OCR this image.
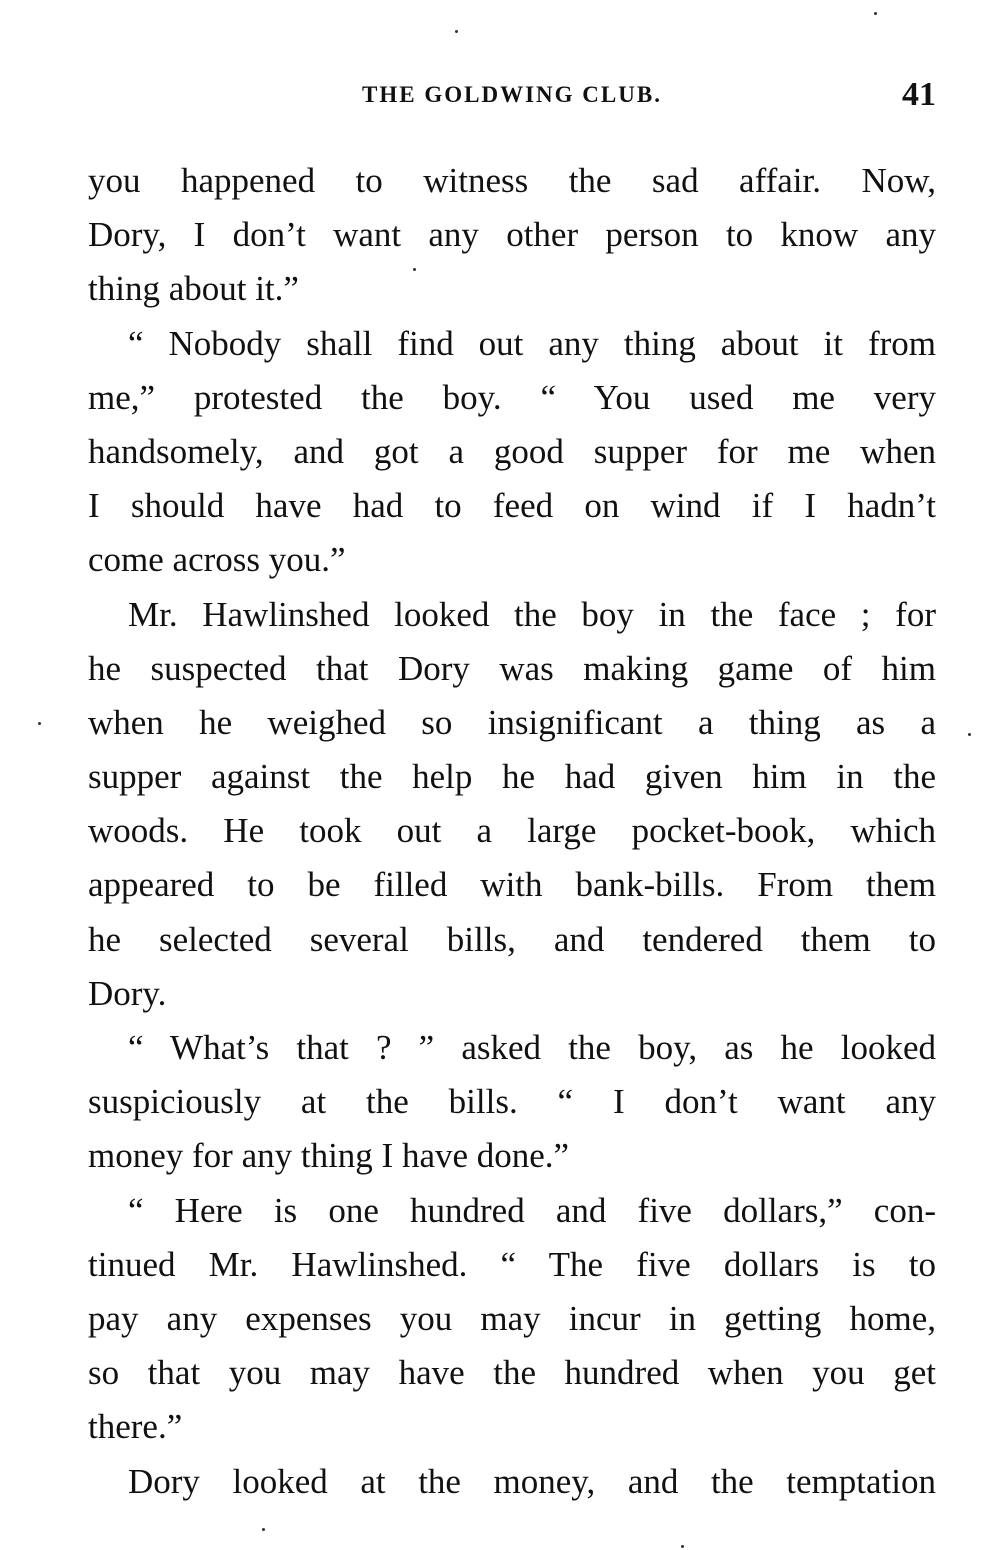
THE GOLDWING CLUB.	41
you happened to witness the sad affair. Now,
Dory, I don’t want any other person to know any
thing about it.”
“ Nobody shall find out any thing about it from
me,” protested the boy. “ You used me very
handsomely, and got a good supper for me when
I should have had to feed on wind if I hadn’t
come across you.”
Mr. Hawlinshed looked the boy in the face ; for
he suspected that Dory was making game of him
when he weighed so insignificant a thing as a
supper against the help he had given him in the
woods. He took out a large pocket-book, which
appeared to be filled with bank-bills. From them
he selected several bills, and tendered them to
Dory.
“ What’s that ? ” asked the boy, as he looked
suspiciously at the bills. “ I don’t want any
money for any thing I have done.”
“ Here is one hundred and five dollars,” con-
tinued Mr. Hawlinshed. “ The five dollars is to
pay any expenses you may incur in getting home,
so that you may have the hundred when you get
there.”
Dory looked at the money, and the temptation
